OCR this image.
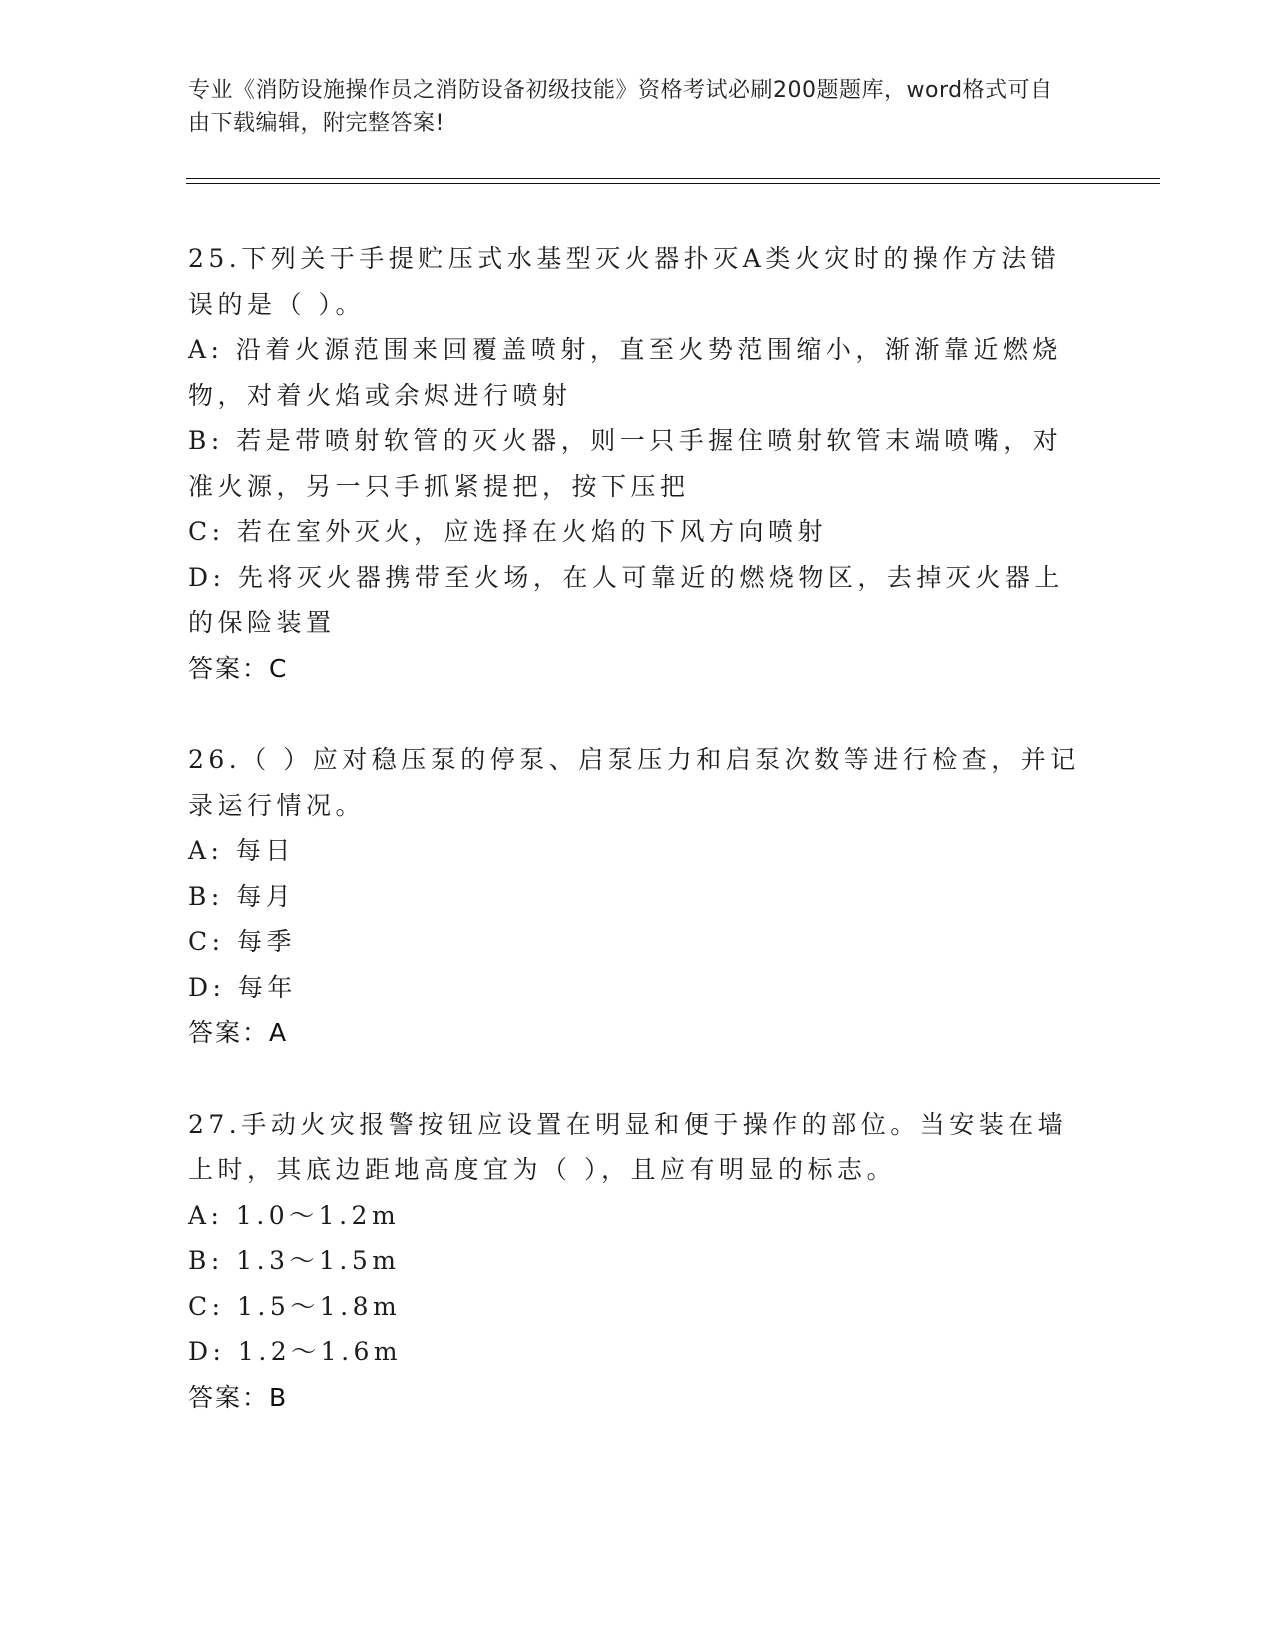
专业《消防设施操作员之消防设备初级技能》资格考试必刷200题题库，word格式可自由下载编辑，附完整答案!
25.下列关于手提贮压式水基型灭火器扑灭A类火灾时的操作方法错误的是（ ）。
A: 沿着火源范围来回覆盖喷射，直至火势范围缩小，渐渐靠近燃烧物，对着火焰或余烬进行喷射
B: 若是带喷射软管的灭火器，则一只手握住喷射软管末端喷嘴，对准火源，另一只手抓紧提把，按下压把
C: 若在室外灭火，应选择在火焰的下风方向喷射
D: 先将灭火器携带至火场，在人可靠近的燃烧物区，去掉灭火器上的保险装置
答案：C
26.（ ）应对稳压泵的停泵、启泵压力和启泵次数等进行检查，并记录运行情况。
A: 每日
B: 每月
C: 每季
D: 每年
答案：A
27.手动火灾报警按钮应设置在明显和便于操作的部位。当安装在墙上时，其底边距地高度宜为（ ），且应有明显的标志。
A: 1.0～1.2m
B: 1.3～1.5m
C: 1.5～1.8m
D: 1.2～1.6m
答案：B
